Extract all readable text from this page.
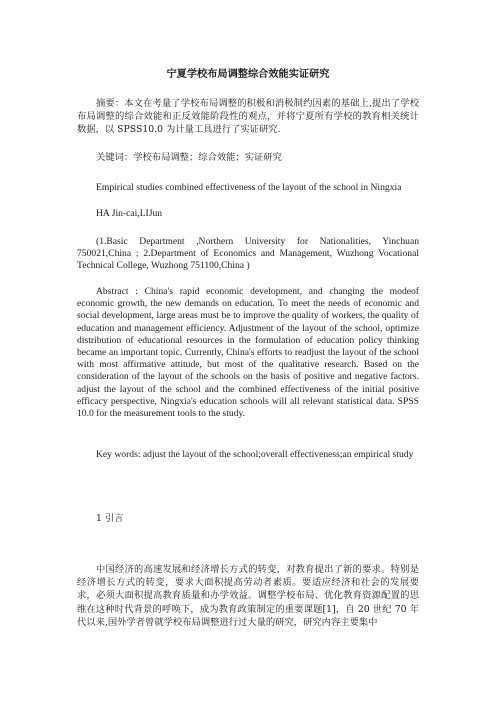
宁夏学校布局调整综合效能实证研究

摘要：本文在考量了学校布局调整的积极和消极制约因素的基础上,提出了学校布局调整的综合效能和正反效能阶段性的观点，并将宁夏所有学校的教育相关统计数据，以 SPSS10.0 为计量工具进行了实证研究.

关键词：学校布局调整；综合效能；实证研究

Empirical studies combined effectiveness of the layout of the school in Ningxia

HA Jin-cai,LIJun

(1.Basic Department ,Northern University for Nationalities, Yinchuan 750021,China ; 2.Department of Economics and Management, Wuzhong Vocational Technical College, Wuzhong 751100,China )

Abstract : China's rapid economic development, and changing the modeof economic growth, the new demands on education. To meet the needs of economic and social development, large areas must be to improve the quality of workers, the quality of education and management efficiency. Adjustment of the layout of the school, optimize distribution of educational resources in the formulation of education policy thinking became an important topic. Currently, China's efforts to readjust the layout of the school with most affirmative attitude, but most of the qualitative research. Based on the consideration of the layout of the schools on the basis of positive and negative factors. adjust the layout of the school and the combined effectiveness of the initial positive efficacy perspective, Ningxia's education schools will all relevant statistical data. SPSS 10.0 for the measurement tools to the study.

Key words: adjust the layout of the school;overall effectiveness;an empirical study

1 引言

中国经济的高速发展和经济增长方式的转变，对教育提出了新的要求。特别是经济增长方式的转变，要求大面积提高劳动者素质。要适应经济和社会的发展要求，必须大面积提高教育质量和办学效益。调整学校布局、优化教育资源配置的思维在这种时代背景的呼唤下，成为教育政策制定的重要课题[1]，自 20 世纪 70 年代以来,国外学者曾就学校布局调整进行过大量的研究，研究内容主要集中
